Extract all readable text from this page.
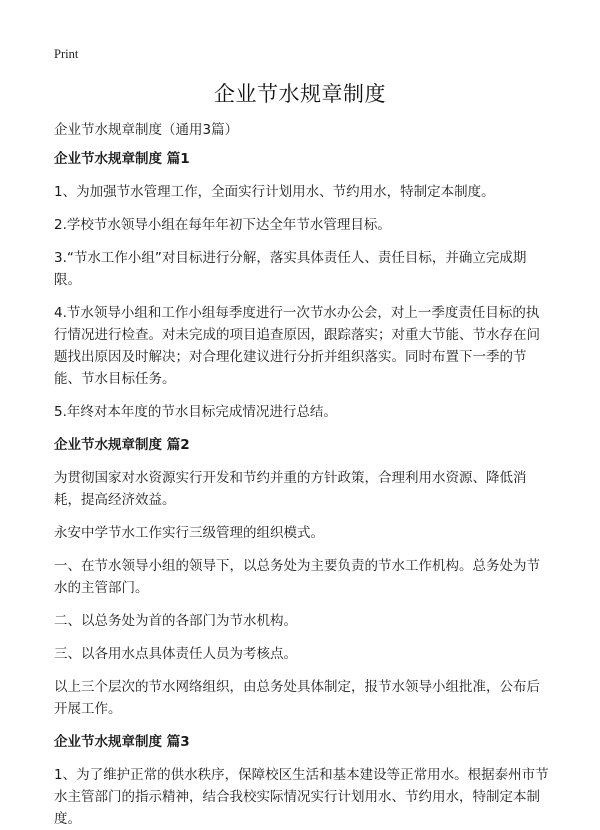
Print
企业节水规章制度
企业节水规章制度（通用3篇）

企业节水规章制度 篇1

1、为加强节水管理工作，全面实行计划用水、节约用水，特制定本制度。

2.学校节水领导小组在每年年初下达全年节水管理目标。

3.“节水工作小组”对目标进行分解，落实具体责任人、责任目标，并确立完成期限。

4.节水领导小组和工作小组每季度进行一次节水办公会，对上一季度责任目标的执行情况进行检查。对未完成的项目追查原因，跟踪落实；对重大节能、节水存在问题找出原因及时解决；对合理化建议进行分折并组织落实。同时布置下一季的节能、节水目标任务。

5.年终对本年度的节水目标完成情况进行总结。

企业节水规章制度 篇2

为贯彻国家对水资源实行开发和节约并重的方针政策，合理利用水资源、降低消耗，提高经济效益。

永安中学节水工作实行三级管理的组织模式。

一、在节水领导小组的领导下，以总务处为主要负责的节水工作机构。总务处为节水的主管部门。

二、以总务处为首的各部门为节水机构。

三、以各用水点具体责任人员为考核点。

以上三个层次的节水网络组织，由总务处具体制定，报节水领导小组批准，公布后开展工作。

企业节水规章制度 篇3

1、为了维护正常的供水秩序，保障校区生活和基本建设等正常用水。根据泰州市节水主管部门的指示精神，结合我校实际情况实行计划用水、节约用水，特制定本制度。
